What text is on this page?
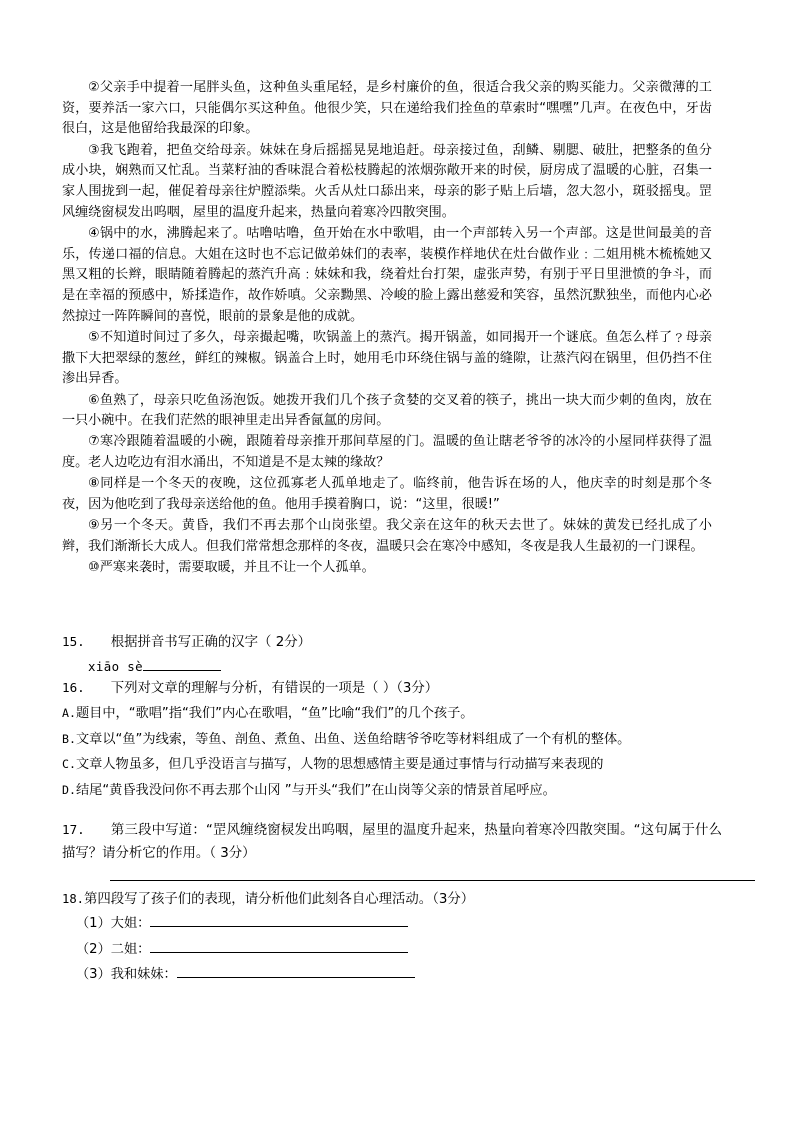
②父亲手中提着一尾胖头鱼，这种鱼头重尾轻，是乡村廉价的鱼，很适合我父亲的购买能力。父亲微薄的工资，要养活一家六口，只能偶尔买这种鱼。他很少笑，只在递给我们拴鱼的草索时“嘿嘿”几声。在夜色中，牙齿很白，这是他留给我最深的印象。

③我飞跑着，把鱼交给母亲。妹妹在身后摇摇晃晃地追赶。母亲接过鱼，刮鳞、剔腮、破肚，把整条的鱼分成小块，娴熟而又忙乱。当菜籽油的香味混合着松枝腾起的浓烟弥敞开来的时侯，厨房成了温暖的心脏，召集一家人围拢到一起，催促着母亲往炉膛添柴。火舌从灶口舔出来，母亲的影子贴上后墙，忽大忽小，斑驳摇曳。罡风缠绕窗棂发出呜咽，屋里的温度升起来，热量向着寒冷四散突围。

④锅中的水，沸腾起来了。咕噜咕噜，鱼开始在水中歌唱，由一个声部转入另一个声部。这是世间最美的音乐，传递口福的信息。大姐在这时也不忘记做弟妹们的表率，装模作样地伏在灶台做作业﹕二姐用桃木梳梳她又黑又粗的长辫，眼睛随着腾起的蒸汽升高﹕妹妹和我，绕着灶台打架，虚张声势，有别于平日里泄愤的争斗，而是在幸福的预感中，矫揉造作，故作娇嗔。父亲黝黑、冷峻的脸上露出慈爱和笑容，虽然沉默独坐，而他内心必然掠过一阵阵瞬间的喜悦，眼前的景象是他的成就。

⑤不知道时间过了多久，母亲撮起嘴，吹锅盖上的蒸汽。揭开锅盖，如同揭开一个谜底。鱼怎么样了﹖母亲撒下大把翠绿的葱丝，鲜红的辣椒。锅盖合上时，她用毛巾环绕住锅与盖的缝隙，让蒸汽闷在锅里，但仍挡不住渗出异香。

⑥鱼熟了，母亲只吃鱼汤泡饭。她拨开我们几个孩子贪婪的交叉着的筷子，挑出一块大而少刺的鱼肉，放在一只小碗中。在我们茫然的眼神里走出异香氤氲的房间。

⑦寒冷跟随着温暖的小碗，跟随着母亲推开那间草屋的门。温暖的鱼让瞎老爷爷的冰冷的小屋同样获得了温度。老人边吃边有泪水涌出，不知道是不是太辣的缘故？

⑧同样是一个冬天的夜晚，这位孤寡老人孤单地走了。临终前，他告诉在场的人，他庆幸的时刻是那个冬夜，因为他吃到了我母亲送给他的鱼。他用手摸着胸口，说：“这里，很暖!”

⑨另一个冬天。黄昏，我们不再去那个山岗张望。我父亲在这年的秋天去世了。妹妹的黄发已经扎成了小辫，我们渐渐长大成人。但我们常常想念那样的冬夜，温暖只会在寒冷中感知，冬夜是我人生最初的一门课程。

⑩严寒来袭时，需要取暖，并且不让一个人孤单。

15. 根据拼音书写正确的汉字（ 2分）

xiāo sè

16. 下列对文章的理解与分析，有错误的一项是（ ）（3分）

A.题目中，“歌唱”指“我们”内心在歌唱，“鱼”比喻“我们”的几个孩子。

B.文章以“鱼”为线索，等鱼、剖鱼、煮鱼、出鱼、送鱼给瞎爷爷吃等材料组成了一个有机的整体。

C.文章人物虽多，但几乎没语言与描写，人物的思想感情主要是通过事情与行动描写来表现的

D.结尾“黄昏我没问你不再去那个山冈 ”与开头“我们”在山岗等父亲的情景首尾呼应。

17. 第三段中写道：“罡风缠绕窗棂发出呜咽，屋里的温度升起来，热量向着寒冷四散突围。“这句属于什么描写？请分析它的作用。（ 3分）

18.第四段写了孩子们的表现，请分析他们此刻各自心理活动。（3分）

（1）大姐：

（2）二姐：

（3）我和妹妹：
